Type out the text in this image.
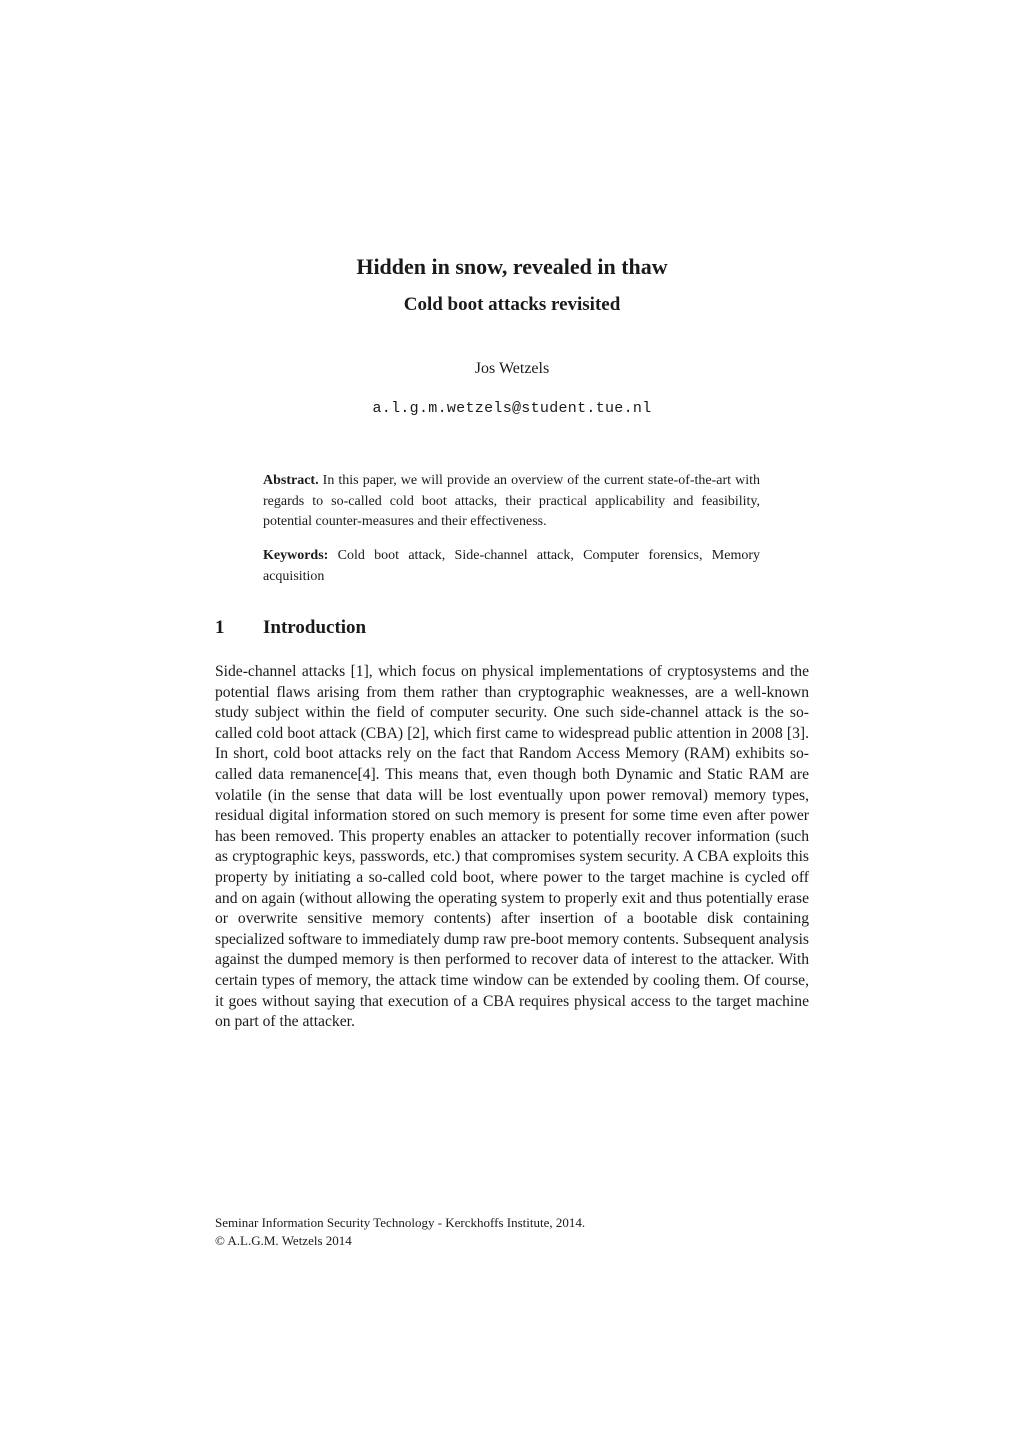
Hidden in snow, revealed in thaw
Cold boot attacks revisited
Jos Wetzels
a.l.g.m.wetzels@student.tue.nl
Abstract. In this paper, we will provide an overview of the current state-of-the-art with regards to so-called cold boot attacks, their practical applicability and feasibility, potential counter-measures and their effectiveness.
Keywords: Cold boot attack, Side-channel attack, Computer forensics, Memory acquisition
1 Introduction
Side-channel attacks [1], which focus on physical implementations of cryptosystems and the potential flaws arising from them rather than cryptographic weaknesses, are a well-known study subject within the field of computer security. One such side-channel attack is the so-called cold boot attack (CBA) [2], which first came to widespread public attention in 2008 [3]. In short, cold boot attacks rely on the fact that Random Access Memory (RAM) exhibits so-called data remanence[4]. This means that, even though both Dynamic and Static RAM are volatile (in the sense that data will be lost eventually upon power removal) memory types, residual digital information stored on such memory is present for some time even after power has been removed. This property enables an attacker to potentially recover information (such as cryptographic keys, passwords, etc.) that compromises system security. A CBA exploits this property by initiating a so-called cold boot, where power to the target machine is cycled off and on again (without allowing the operating system to properly exit and thus potentially erase or overwrite sensitive memory contents) after insertion of a bootable disk containing specialized software to immediately dump raw pre-boot memory contents. Subsequent analysis against the dumped memory is then performed to recover data of interest to the attacker. With certain types of memory, the attack time window can be extended by cooling them. Of course, it goes without saying that execution of a CBA requires physical access to the target machine on part of the attacker.
Seminar Information Security Technology - Kerckhoffs Institute, 2014.
© A.L.G.M. Wetzels 2014
